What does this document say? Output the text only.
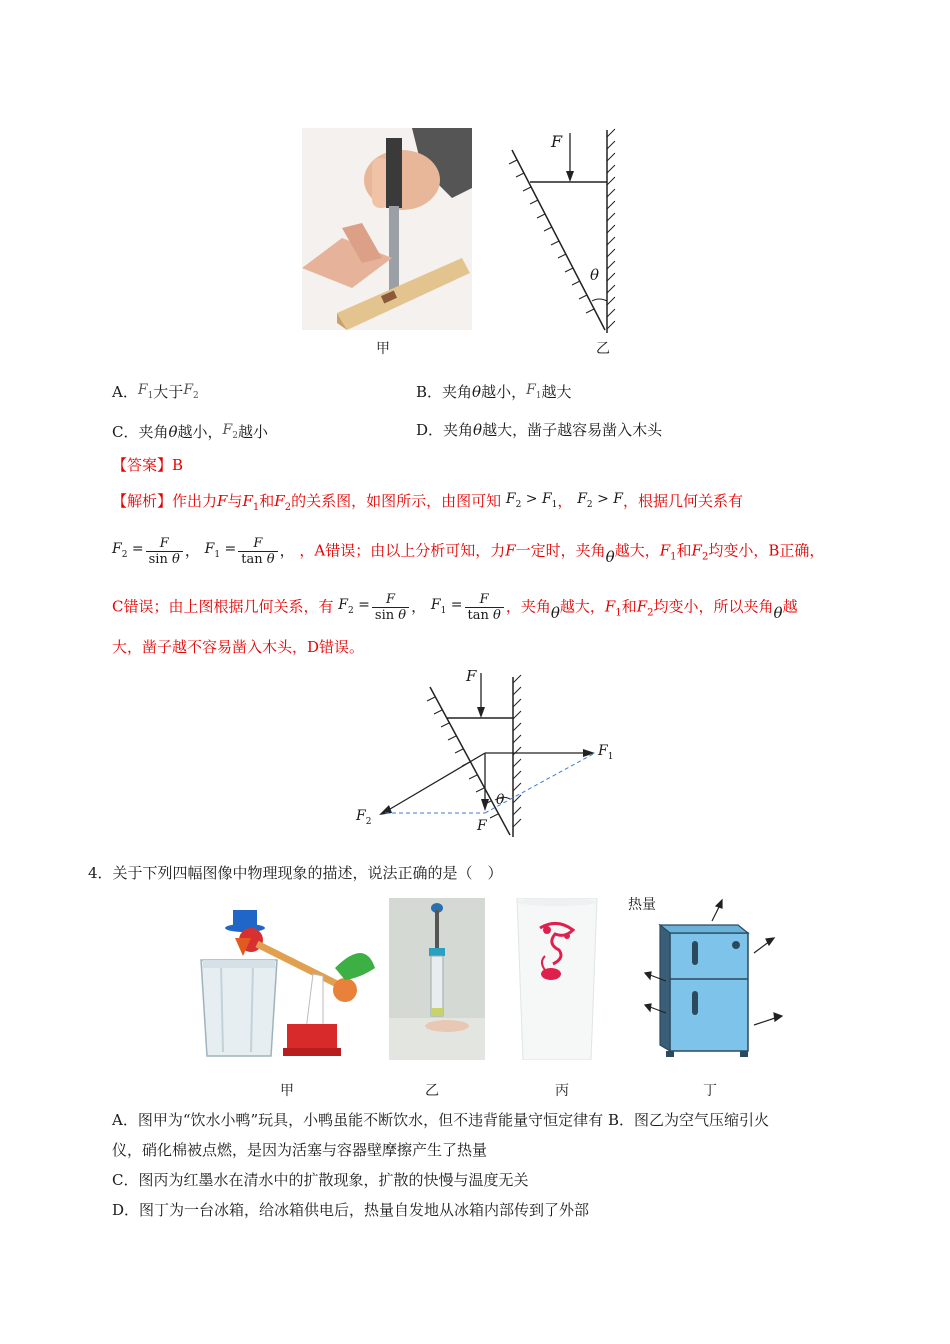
F
θ
甲	乙
A．$F_1$大于$F_2$	B．夹角θ越小，$F_1$越大
C．夹角θ越小，$F_2$越小	D．夹角θ越大，凿子越容易凿入木头
【答案】B
【解析】作出力F与$F_1$和$F_2$的关系图，如图所示，由图可知 $F_2 > F_1$， $F_2 > F$，根据几何关系有
$F_2 = \frac{F}{\text{sin θ}}$ ， $F_1 = \frac{F}{\text{tan θ}}$ ， ，A错误；由以上分析可知，力F一定时，夹角θ越大，$F_1$和$F_2$均变小，B正确，
C错误；由上图根据几何关系，有 $F_2 = \frac{F}{\text{sin θ}}$ ， $F_1 = \frac{F}{\text{tan θ}}$ ，夹角θ越大，$F_1$和$F_2$均变小，所以夹角θ越
大，凿子越不容易凿入木头，D错误。
F
$F_1$
$F_2$	F
θ
4．关于下列四幅图像中物理现象的描述，说法正确的是（　）
热量
甲	乙	丙	丁
A．图甲为“饮水小鸭”玩具，小鸭虽能不断饮水，但不违背能量守恒定律有 B．图乙为空气压缩引火
仪，硝化棉被点燃，是因为活塞与容器壁摩擦产生了热量
C．图丙为红墨水在清水中的扩散现象，扩散的快慢与温度无关
D．图丁为一台冰箱，给冰箱供电后，热量自发地从冰箱内部传到了外部
